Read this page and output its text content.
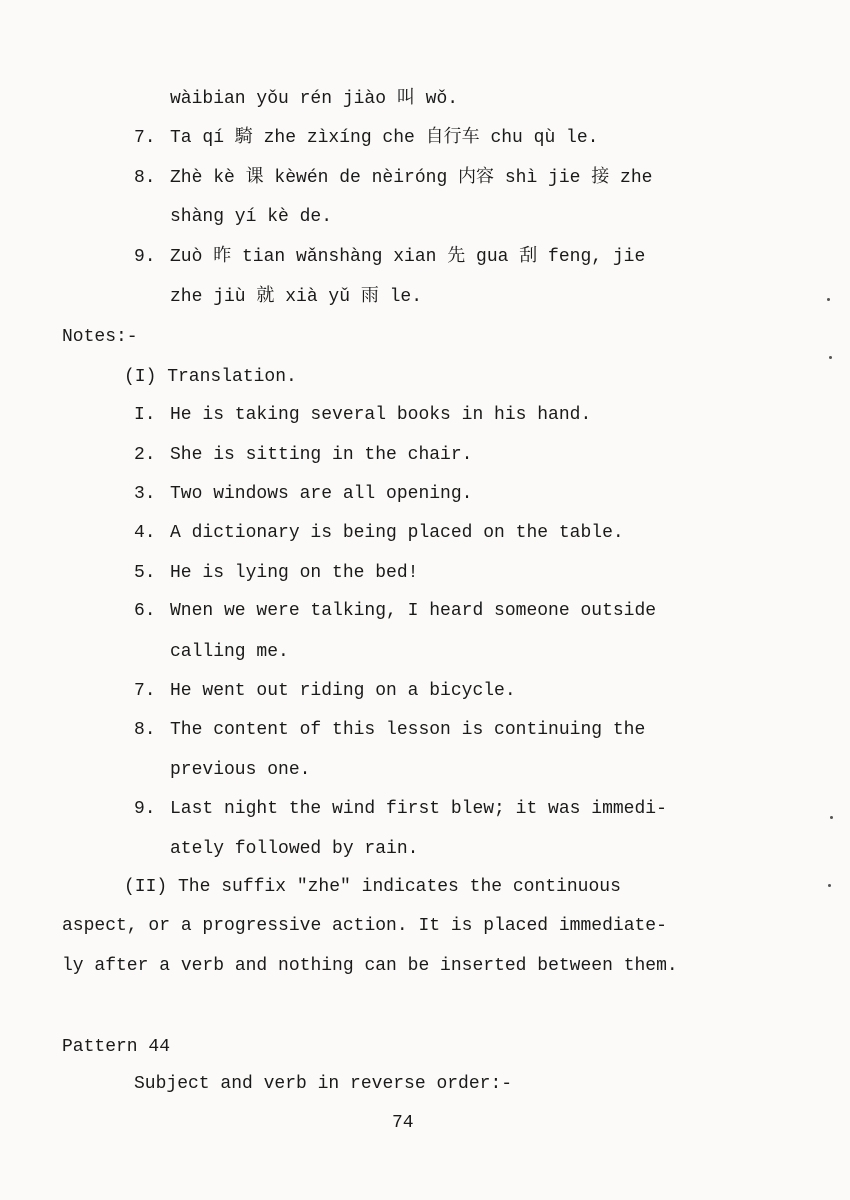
wàibian yǒu rén jiào 叫 wǒ.
7. Ta qí 騎 zhe zìxíng che 自行车 chu qù le.
8. Zhè kè 课 kèwén de nèiróng 内容 shì jie 接 zhe
shàng yí kè de.
9. Zuò 昨 tian wǎnshàng xian 先 gua 刮 feng, jie
zhe jiù 就 xià yǔ 雨 le.
Notes:-
(I) Translation.
I. He is taking several books in his hand.
2. She is sitting in the chair.
3. Two windows are all opening.
4. A dictionary is being placed on the table.
5. He is lying on the bed!
6. Wnen we were talking, I heard someone outside
calling me.
7. He went out riding on a bicycle.
8. The content of this lesson is continuing the
previous one.
9. Last night the wind first blew; it was immedi-
ately followed by rain.
(II) The suffix "zhe" indicates the continuous
aspect, or a progressive action. It is placed immediate-
ly after a verb and nothing can be inserted between them.
Pattern 44
Subject and verb in reverse order:-
74
